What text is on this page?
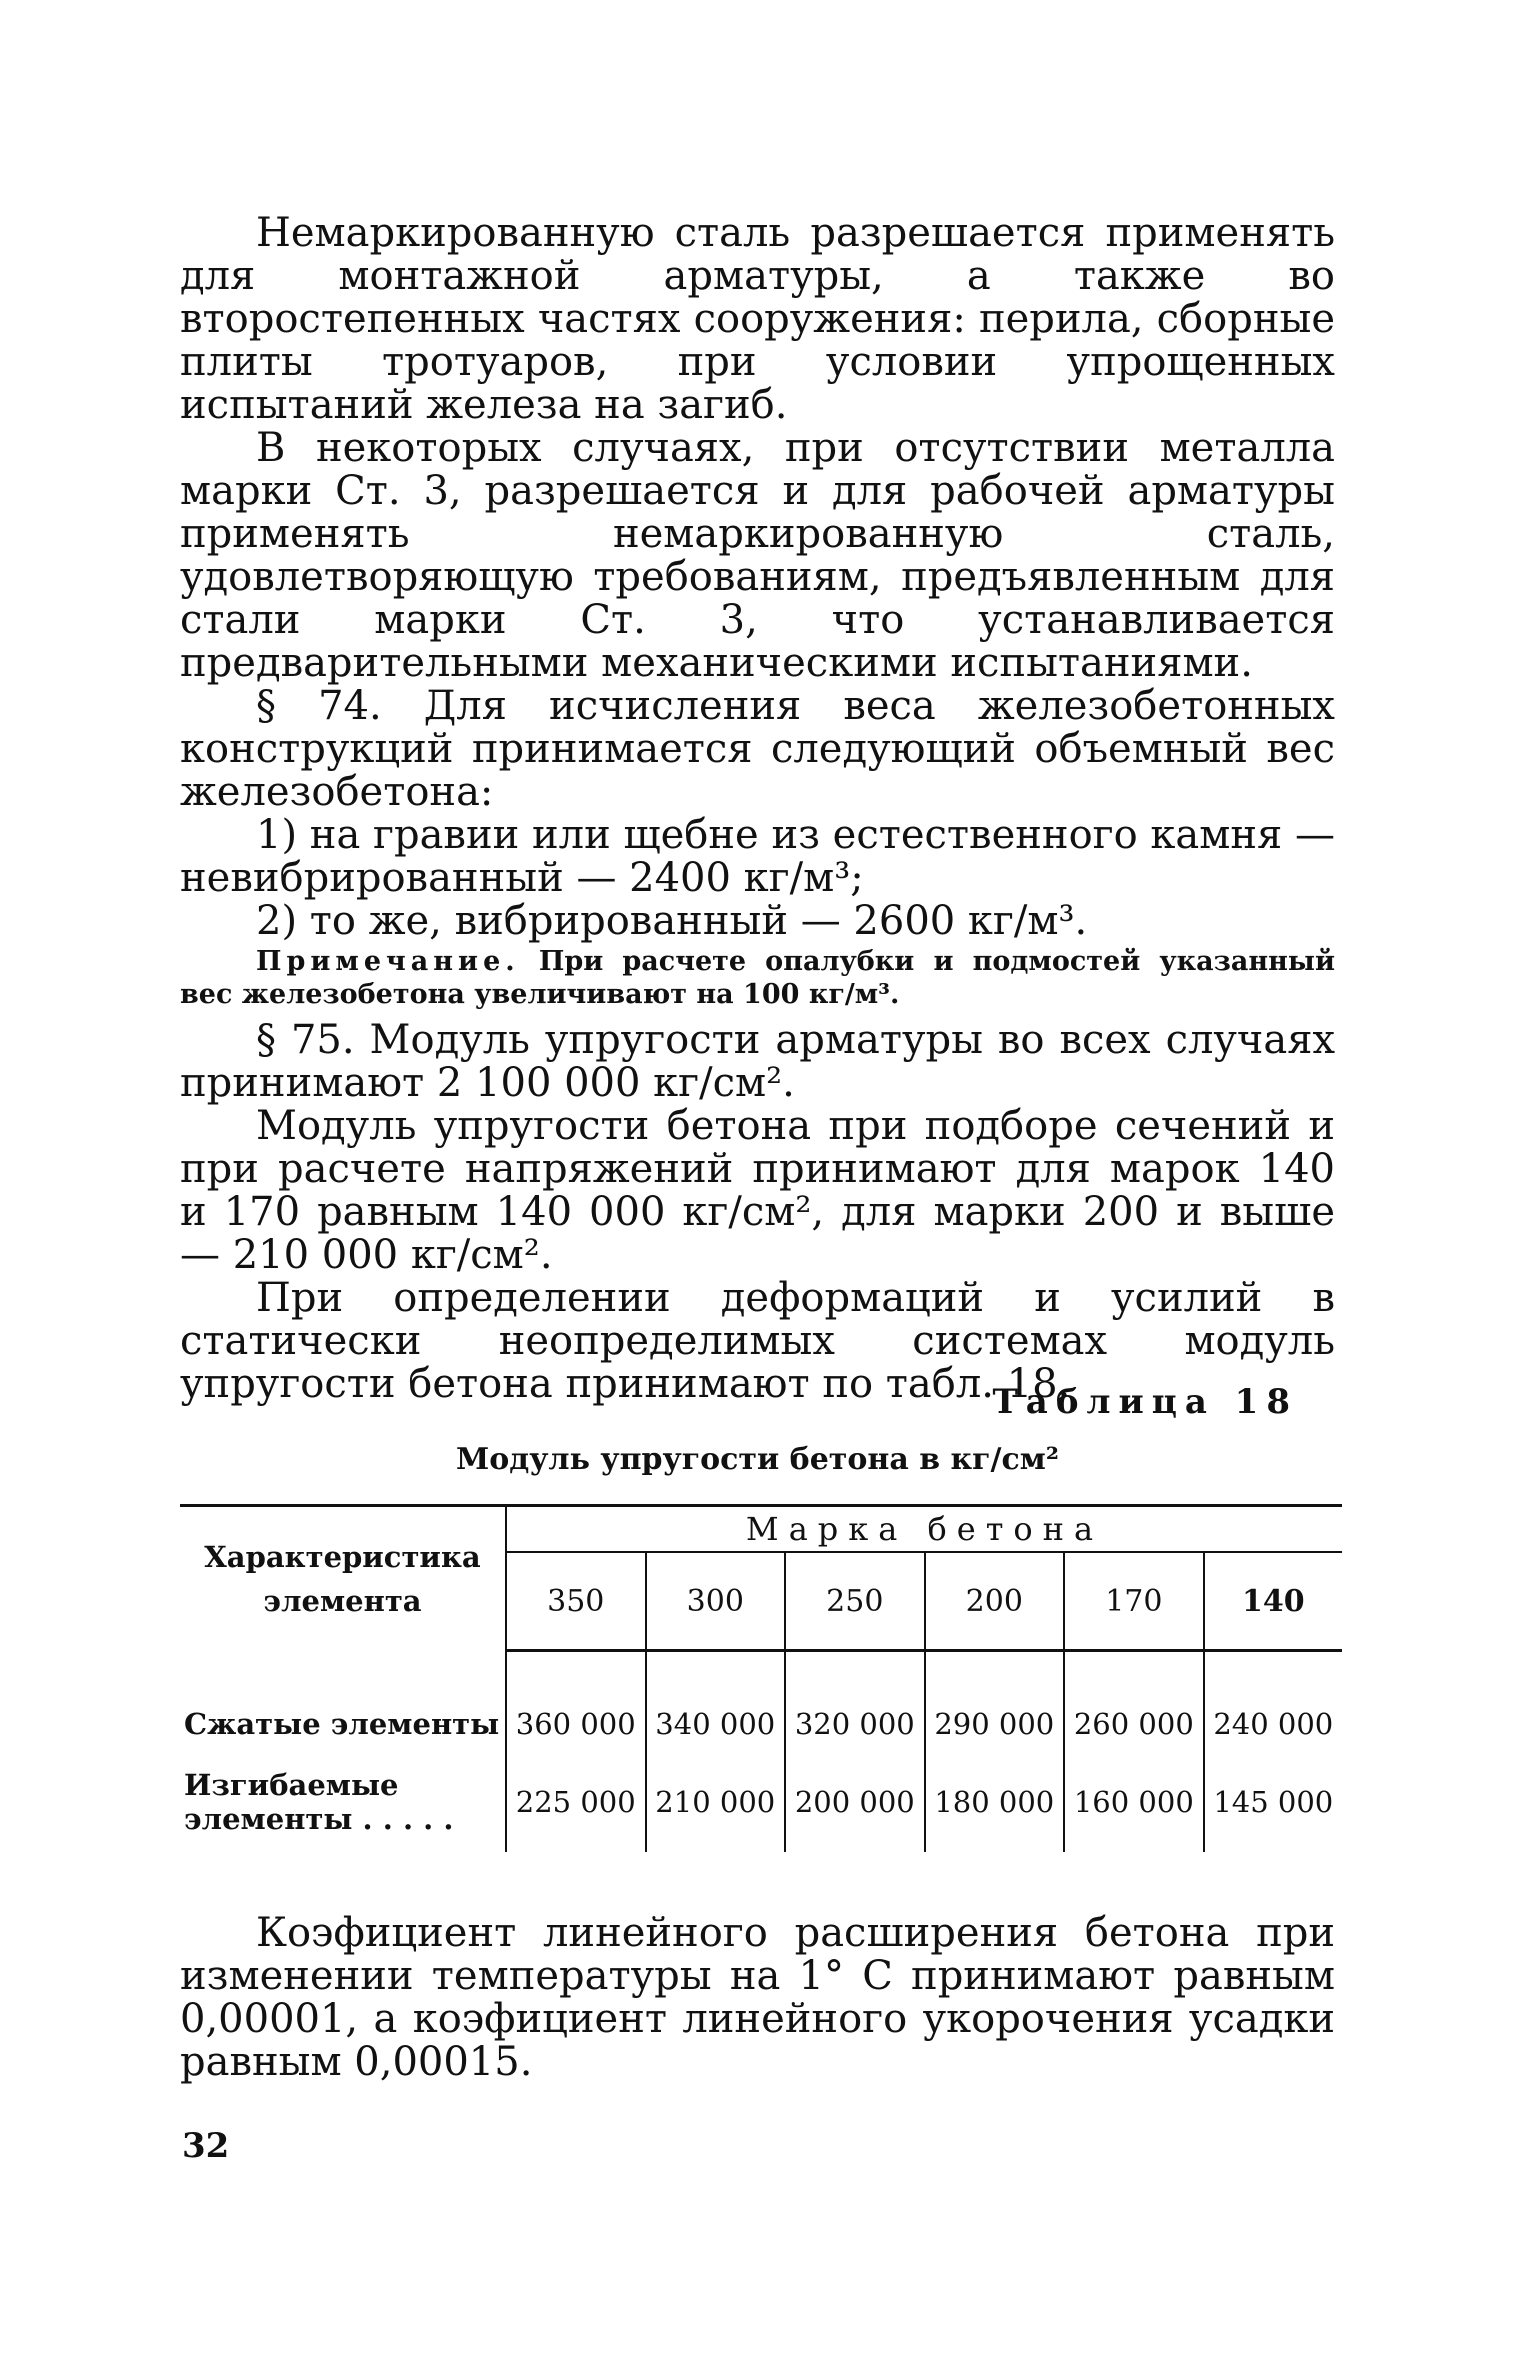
Немаркированную сталь разрешается применять для монтажной арматуры, а также во второстепенных частях сооружения: перила, сборные плиты тротуаров, при условии упрощенных испытаний железа на загиб.

В некоторых случаях, при отсутствии металла марки Ст. 3, разрешается и для рабочей арматуры применять немаркированную сталь, удовлетворяющую требованиям, предъявленным для стали марки Ст. 3, что устанавливается предварительными механическими испытаниями.

§ 74. Для исчисления веса железобетонных конструкций принимается следующий объемный вес железобетона:

1) на гравии или щебне из естественного камня — невибрированный — 2400 кг/м³;

2) то же, вибрированный — 2600 кг/м³.

Примечание. При расчете опалубки и подмостей указанный вес железобетона увеличивают на 100 кг/м³.

§ 75. Модуль упругости арматуры во всех случаях принимают 2 100 000 кг/см².

Модуль упругости бетона при подборе сечений и при расчете напряжений принимают для марок 140 и 170 равным 140 000 кг/см², для марки 200 и выше — 210 000 кг/см².

При определении деформаций и усилий в статически неопределимых системах модуль упругости бетона принимают по табл. 18.

Таблица 18
Модуль упругости бетона в кг/см²
Характеристика элемента	Марка бетона					
	350	300	250	200	170	140

Сжатые элементы	360 000	340 000	320 000	290 000	260 000	240 000
Изгибаемые элементы . . . . .	225 000	210 000	200 000	180 000	160 000	145 000

Коэфициент линейного расширения бетона при изменении температуры на 1° С принимают равным 0,00001, а коэфициент линейного укорочения усадки равным 0,00015.

32
